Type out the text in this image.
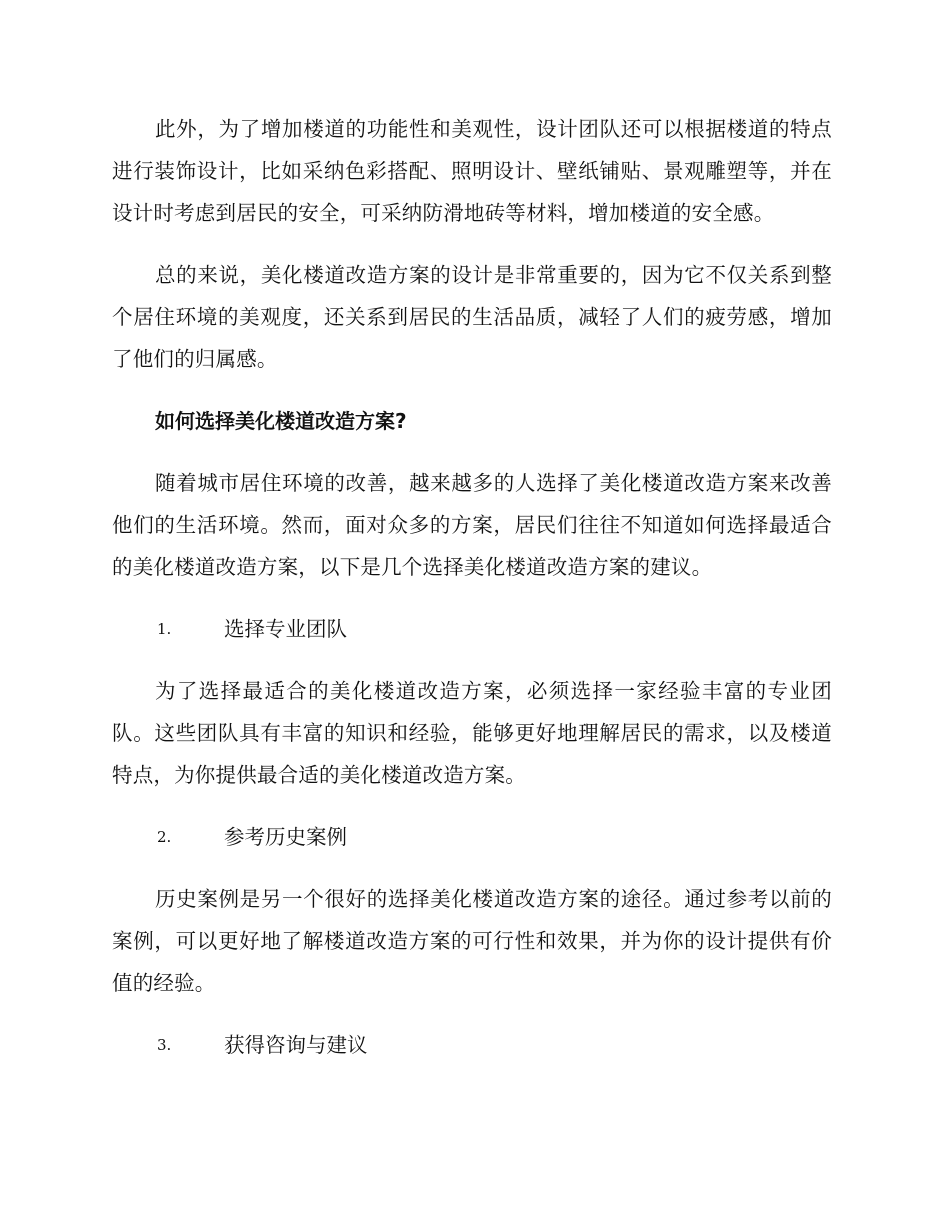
此外，为了增加楼道的功能性和美观性，设计团队还可以根据楼道的特点进行装饰设计，比如采纳色彩搭配、照明设计、壁纸铺贴、景观雕塑等，并在设计时考虑到居民的安全，可采纳防滑地砖等材料，增加楼道的安全感。

总的来说，美化楼道改造方案的设计是非常重要的，因为它不仅关系到整个居住环境的美观度，还关系到居民的生活品质，减轻了人们的疲劳感，增加了他们的归属感。

如何选择美化楼道改造方案?

随着城市居住环境的改善，越来越多的人选择了美化楼道改造方案来改善他们的生活环境。然而，面对众多的方案，居民们往往不知道如何选择最适合的美化楼道改造方案，以下是几个选择美化楼道改造方案的建议。

1.	选择专业团队

为了选择最适合的美化楼道改造方案，必须选择一家经验丰富的专业团队。这些团队具有丰富的知识和经验，能够更好地理解居民的需求，以及楼道特点，为你提供最合适的美化楼道改造方案。

2.	参考历史案例

历史案例是另一个很好的选择美化楼道改造方案的途径。通过参考以前的案例，可以更好地了解楼道改造方案的可行性和效果，并为你的设计提供有价值的经验。

3.	获得咨询与建议
